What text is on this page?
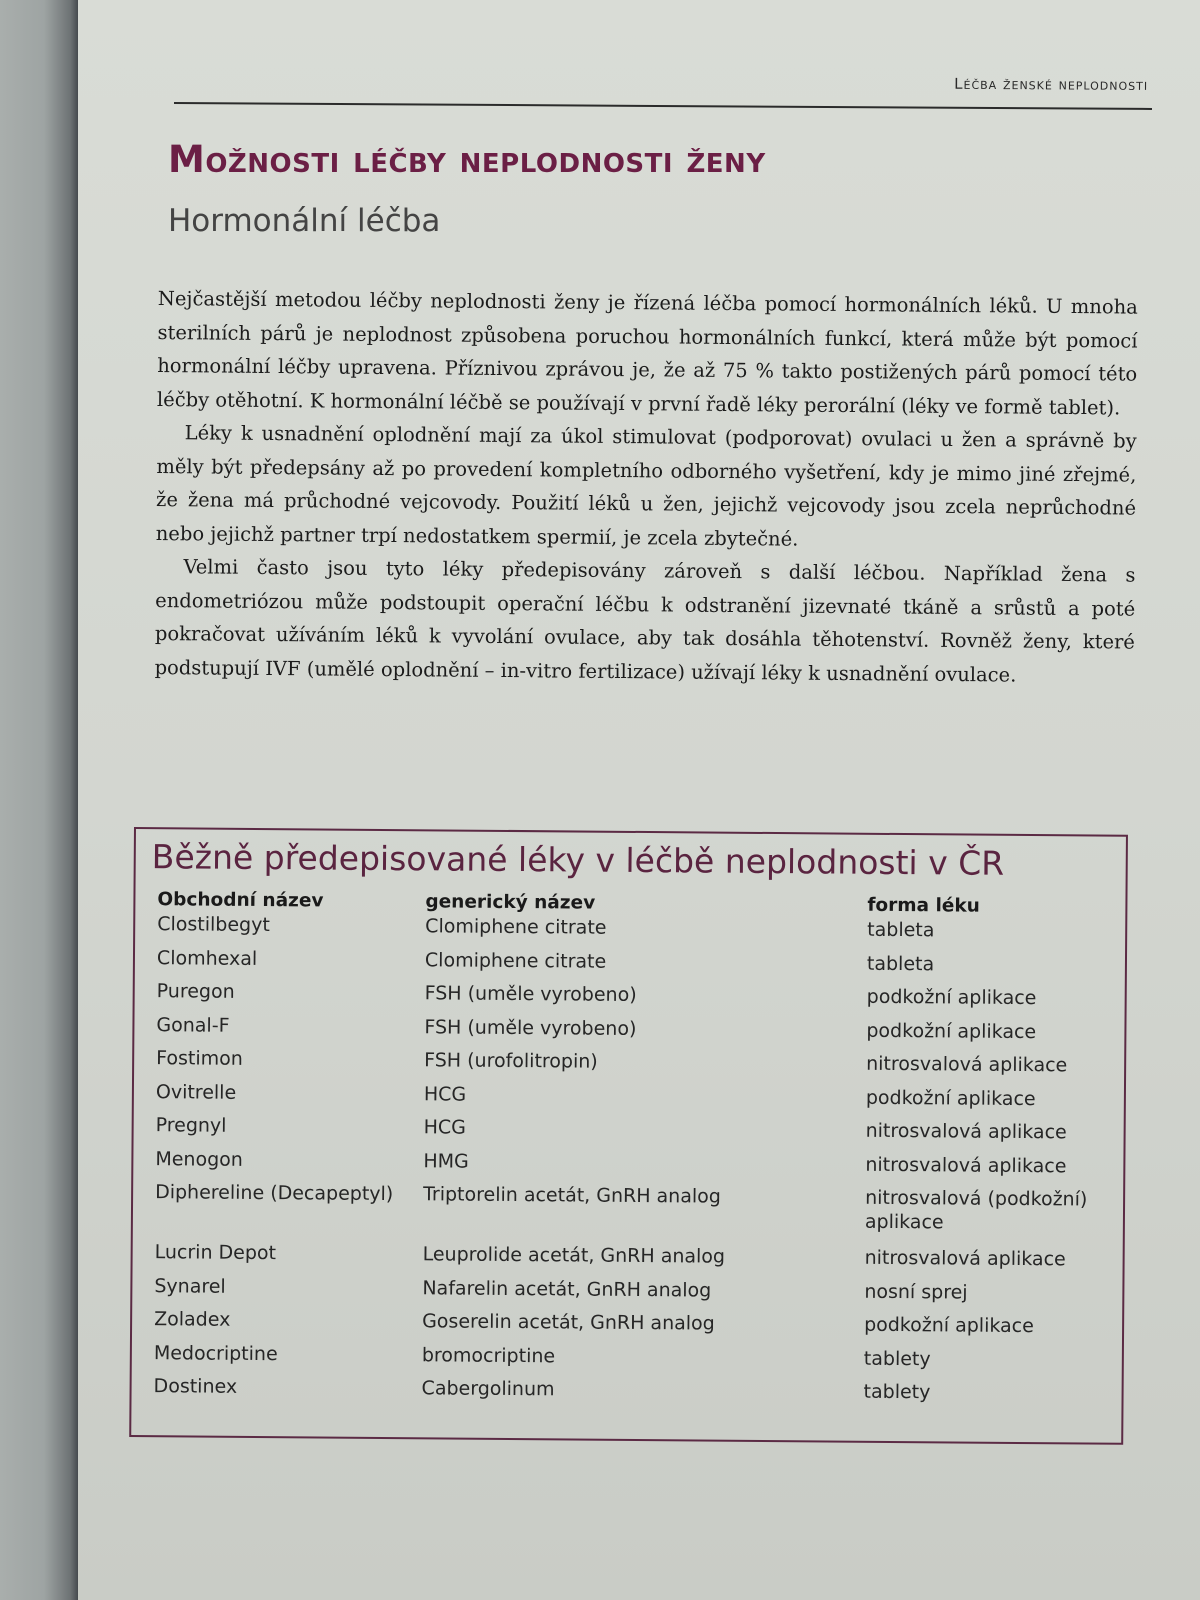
Léčba ženské neplodnosti
Možnosti léčby neplodnosti ženy
Hormonální léčba

Nejčastější metodou léčby neplodnosti ženy je řízená léčba pomocí hormonálních léků. U mnoha sterilních párů je neplodnost způsobena poruchou hormonálních funkcí, která může být pomocí hormonální léčby upravena. Příznivou zprávou je, že až 75 % takto postižených párů pomocí této léčby otěhotní. K hormonální léčbě se používají v první řadě léky perorální (léky ve formě tablet).

Léky k usnadnění oplodnění mají za úkol stimulovat (podporovat) ovulaci u žen a správně by měly být předepsány až po provedení kompletního odborného vyšetření, kdy je mimo jiné zřejmé, že žena má průchodné vejcovody. Použití léků u žen, jejichž vejcovody jsou zcela neprůchodné nebo jejichž partner trpí nedostatkem spermií, je zcela zbytečné.

Velmi často jsou tyto léky předepisovány zároveň s další léčbou. Například žena s endometriózou může podstoupit operační léčbu k odstranění jizevnaté tkáně a srůstů a poté pokračovat užíváním léků k vyvolání ovulace, aby tak dosáhla těhotenství. Rovněž ženy, které podstupují IVF (umělé oplodnění – in-vitro fertilizace) užívají léky k usnadnění ovulace.

Běžně předepisované léky v léčbě neplodnosti v ČR
Obchodní název	generický název	forma léku
Clostilbegyt	Clomiphene citrate	tableta
Clomhexal	Clomiphene citrate	tableta
Puregon	FSH (uměle vyrobeno)	podkožní aplikace
Gonal-F	FSH (uměle vyrobeno)	podkožní aplikace
Fostimon	FSH (urofolitropin)	nitrosvalová aplikace
Ovitrelle	HCG	podkožní aplikace
Pregnyl	HCG	nitrosvalová aplikace
Menogon	HMG	nitrosvalová aplikace
Diphereline (Decapeptyl)	Triptorelin acetát, GnRH analog	nitrosvalová (podkožní) aplikace
Lucrin Depot	Leuprolide acetát, GnRH analog	nitrosvalová aplikace
Synarel	Nafarelin acetát, GnRH analog	nosní sprej
Zoladex	Goserelin acetát, GnRH analog	podkožní aplikace
Medocriptine	bromocriptine	tablety
Dostinex	Cabergolinum	tablety
